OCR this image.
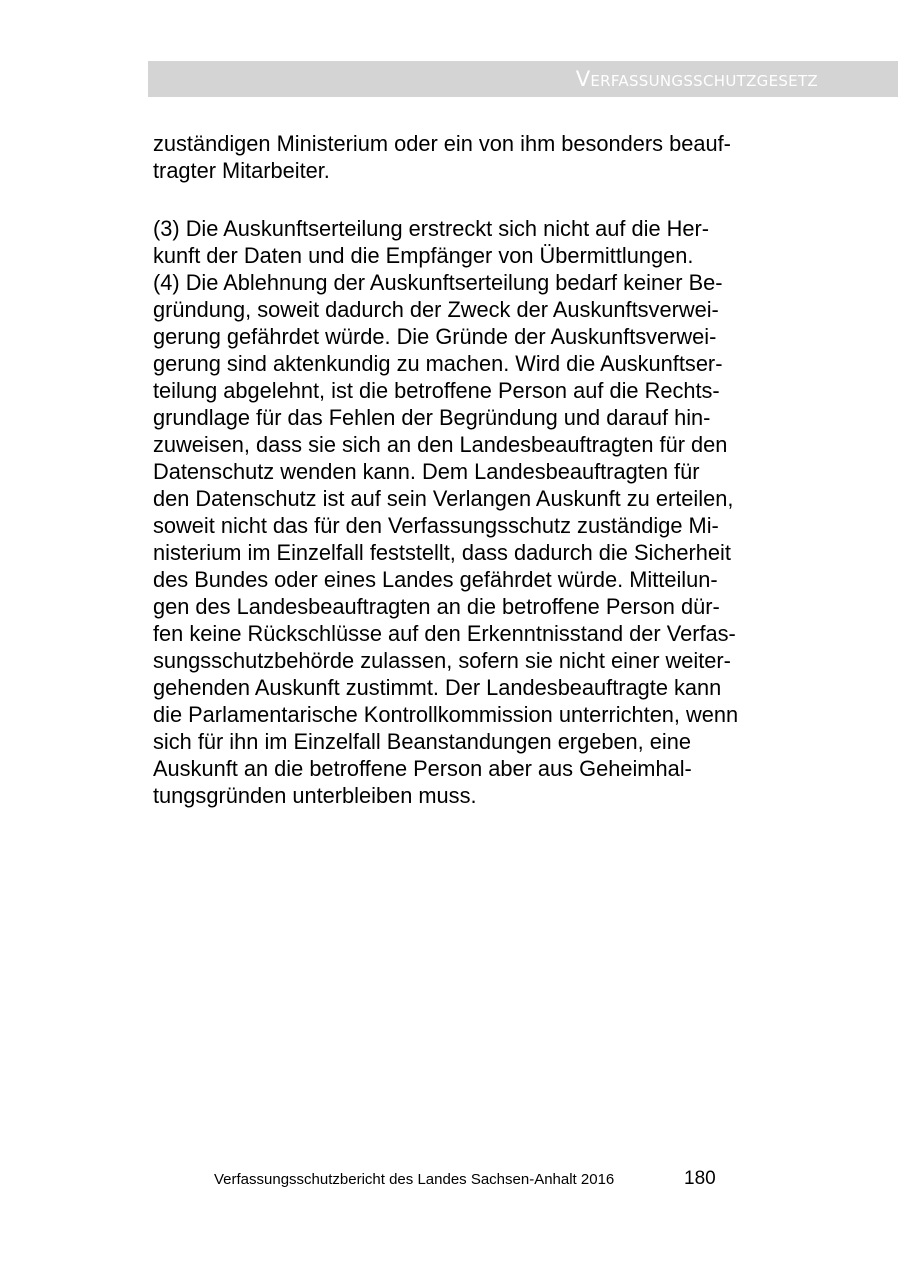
VERFASSUNGSSCHUTZGESETZ
zuständigen Ministerium oder ein von ihm besonders beauf-
tragter Mitarbeiter.
(3) Die Auskunftserteilung erstreckt sich nicht auf die Her-
kunft der Daten und die Empfänger von Übermittlungen.
(4) Die Ablehnung der Auskunftserteilung bedarf keiner Be-
gründung, soweit dadurch der Zweck der Auskunftsverwei-
gerung gefährdet würde. Die Gründe der Auskunftsverwei-
gerung sind aktenkundig zu machen. Wird die Auskunftser-
teilung abgelehnt, ist die betroffene Person auf die Rechts-
grundlage für das Fehlen der Begründung und darauf hin-
zuweisen, dass sie sich an den Landesbeauftragten für den
Datenschutz wenden kann. Dem Landesbeauftragten für
den Datenschutz ist auf sein Verlangen Auskunft zu erteilen,
soweit nicht das für den Verfassungsschutz zuständige Mi-
nisterium im Einzelfall feststellt, dass dadurch die Sicherheit
des Bundes oder eines Landes gefährdet würde. Mitteilun-
gen des Landesbeauftragten an die betroffene Person dür-
fen keine Rückschlüsse auf den Erkenntnisstand der Verfas-
sungsschutzbehörde zulassen, sofern sie nicht einer weiter-
gehenden Auskunft zustimmt. Der Landesbeauftragte kann
die Parlamentarische Kontrollkommission unterrichten, wenn
sich für ihn im Einzelfall Beanstandungen ergeben, eine
Auskunft an die betroffene Person aber aus Geheimhal-
tungsgründen unterbleiben muss.
Verfassungsschutzbericht des Landes Sachsen-Anhalt 2016	180
